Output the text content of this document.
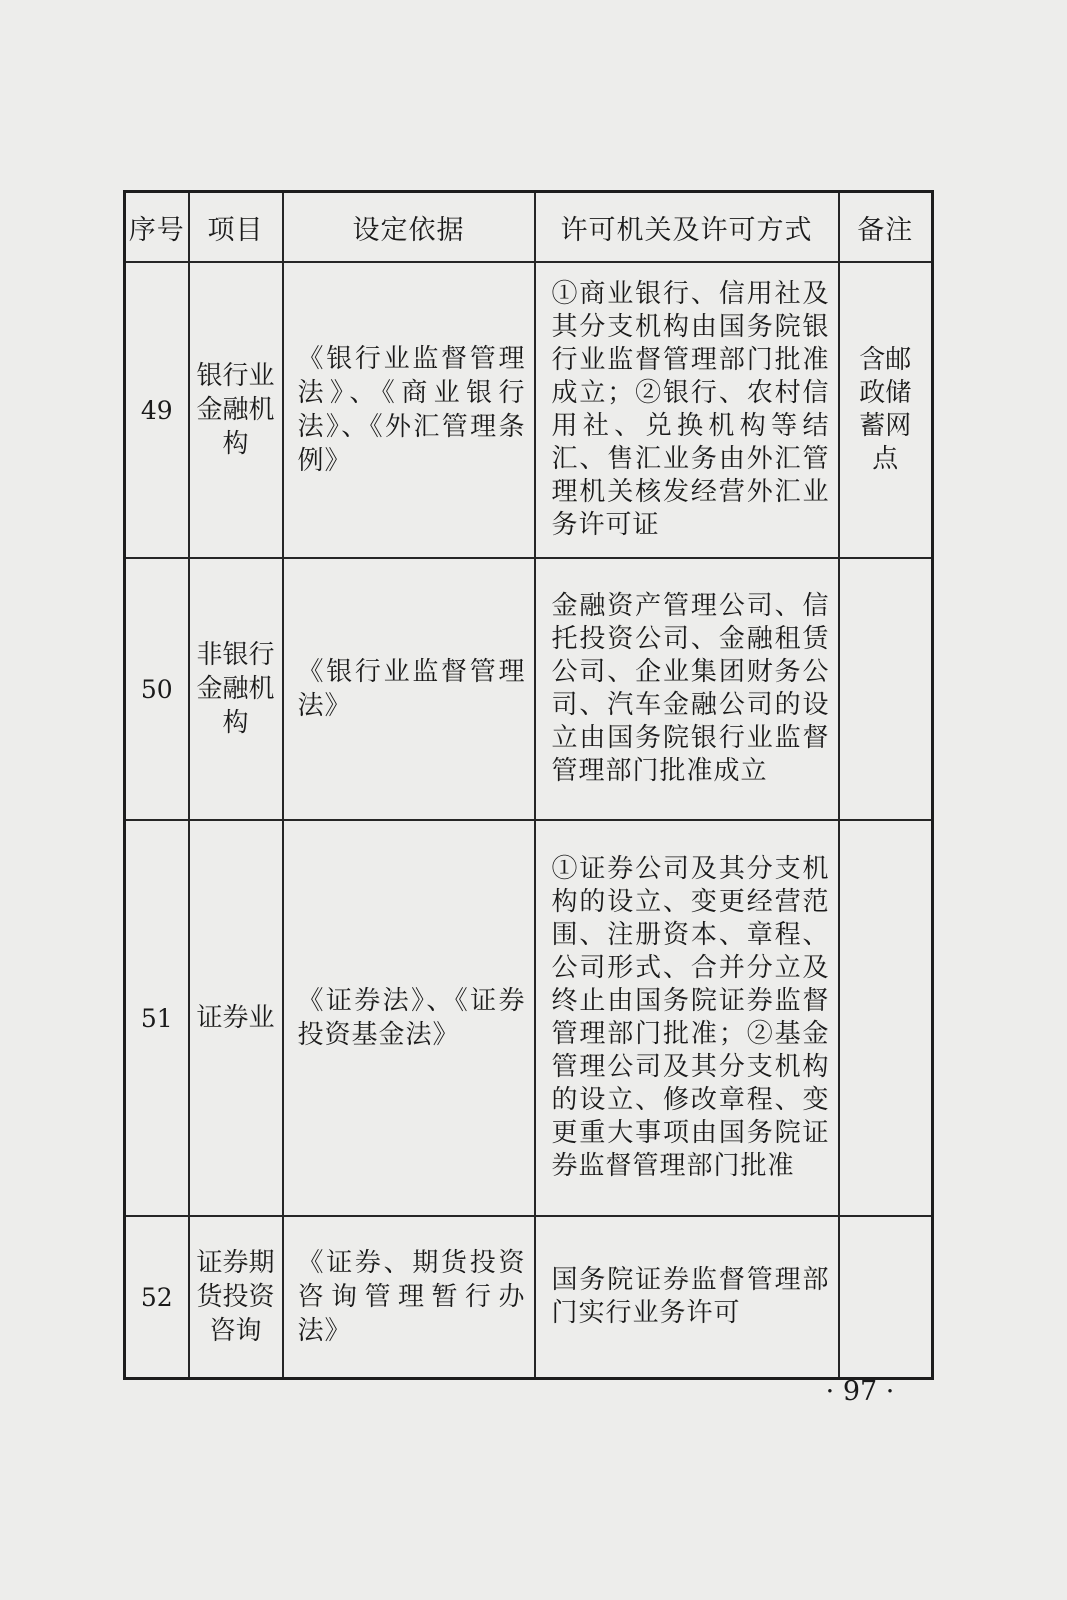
序号	项目	设定依据	许可机关及许可方式	备注
49	银行业金融机构	《银行业监督管理法》、《商业银行法》、《外汇管理条例》	①商业银行、信用社及其分支机构由国务院银行业监督管理部门批准成立；②银行、农村信用社、兑换机构等结汇、售汇业务由外汇管理机关核发经营外汇业务许可证	含邮政储蓄网点
50	非银行金融机构	《银行业监督管理法》	金融资产管理公司、信托投资公司、金融租赁公司、企业集团财务公司、汽车金融公司的设立由国务院银行业监督管理部门批准成立	
51	证券业	《证券法》、《证券投资基金法》	①证券公司及其分支机构的设立、变更经营范围、注册资本、章程、公司形式、合并分立及终止由国务院证券监督管理部门批准；②基金管理公司及其分支机构的设立、修改章程、变更重大事项由国务院证券监督管理部门批准	
52	证券期货投资咨询	《证券、期货投资咨询管理暂行办法》	国务院证券监督管理部门实行业务许可	
· 97 ·
